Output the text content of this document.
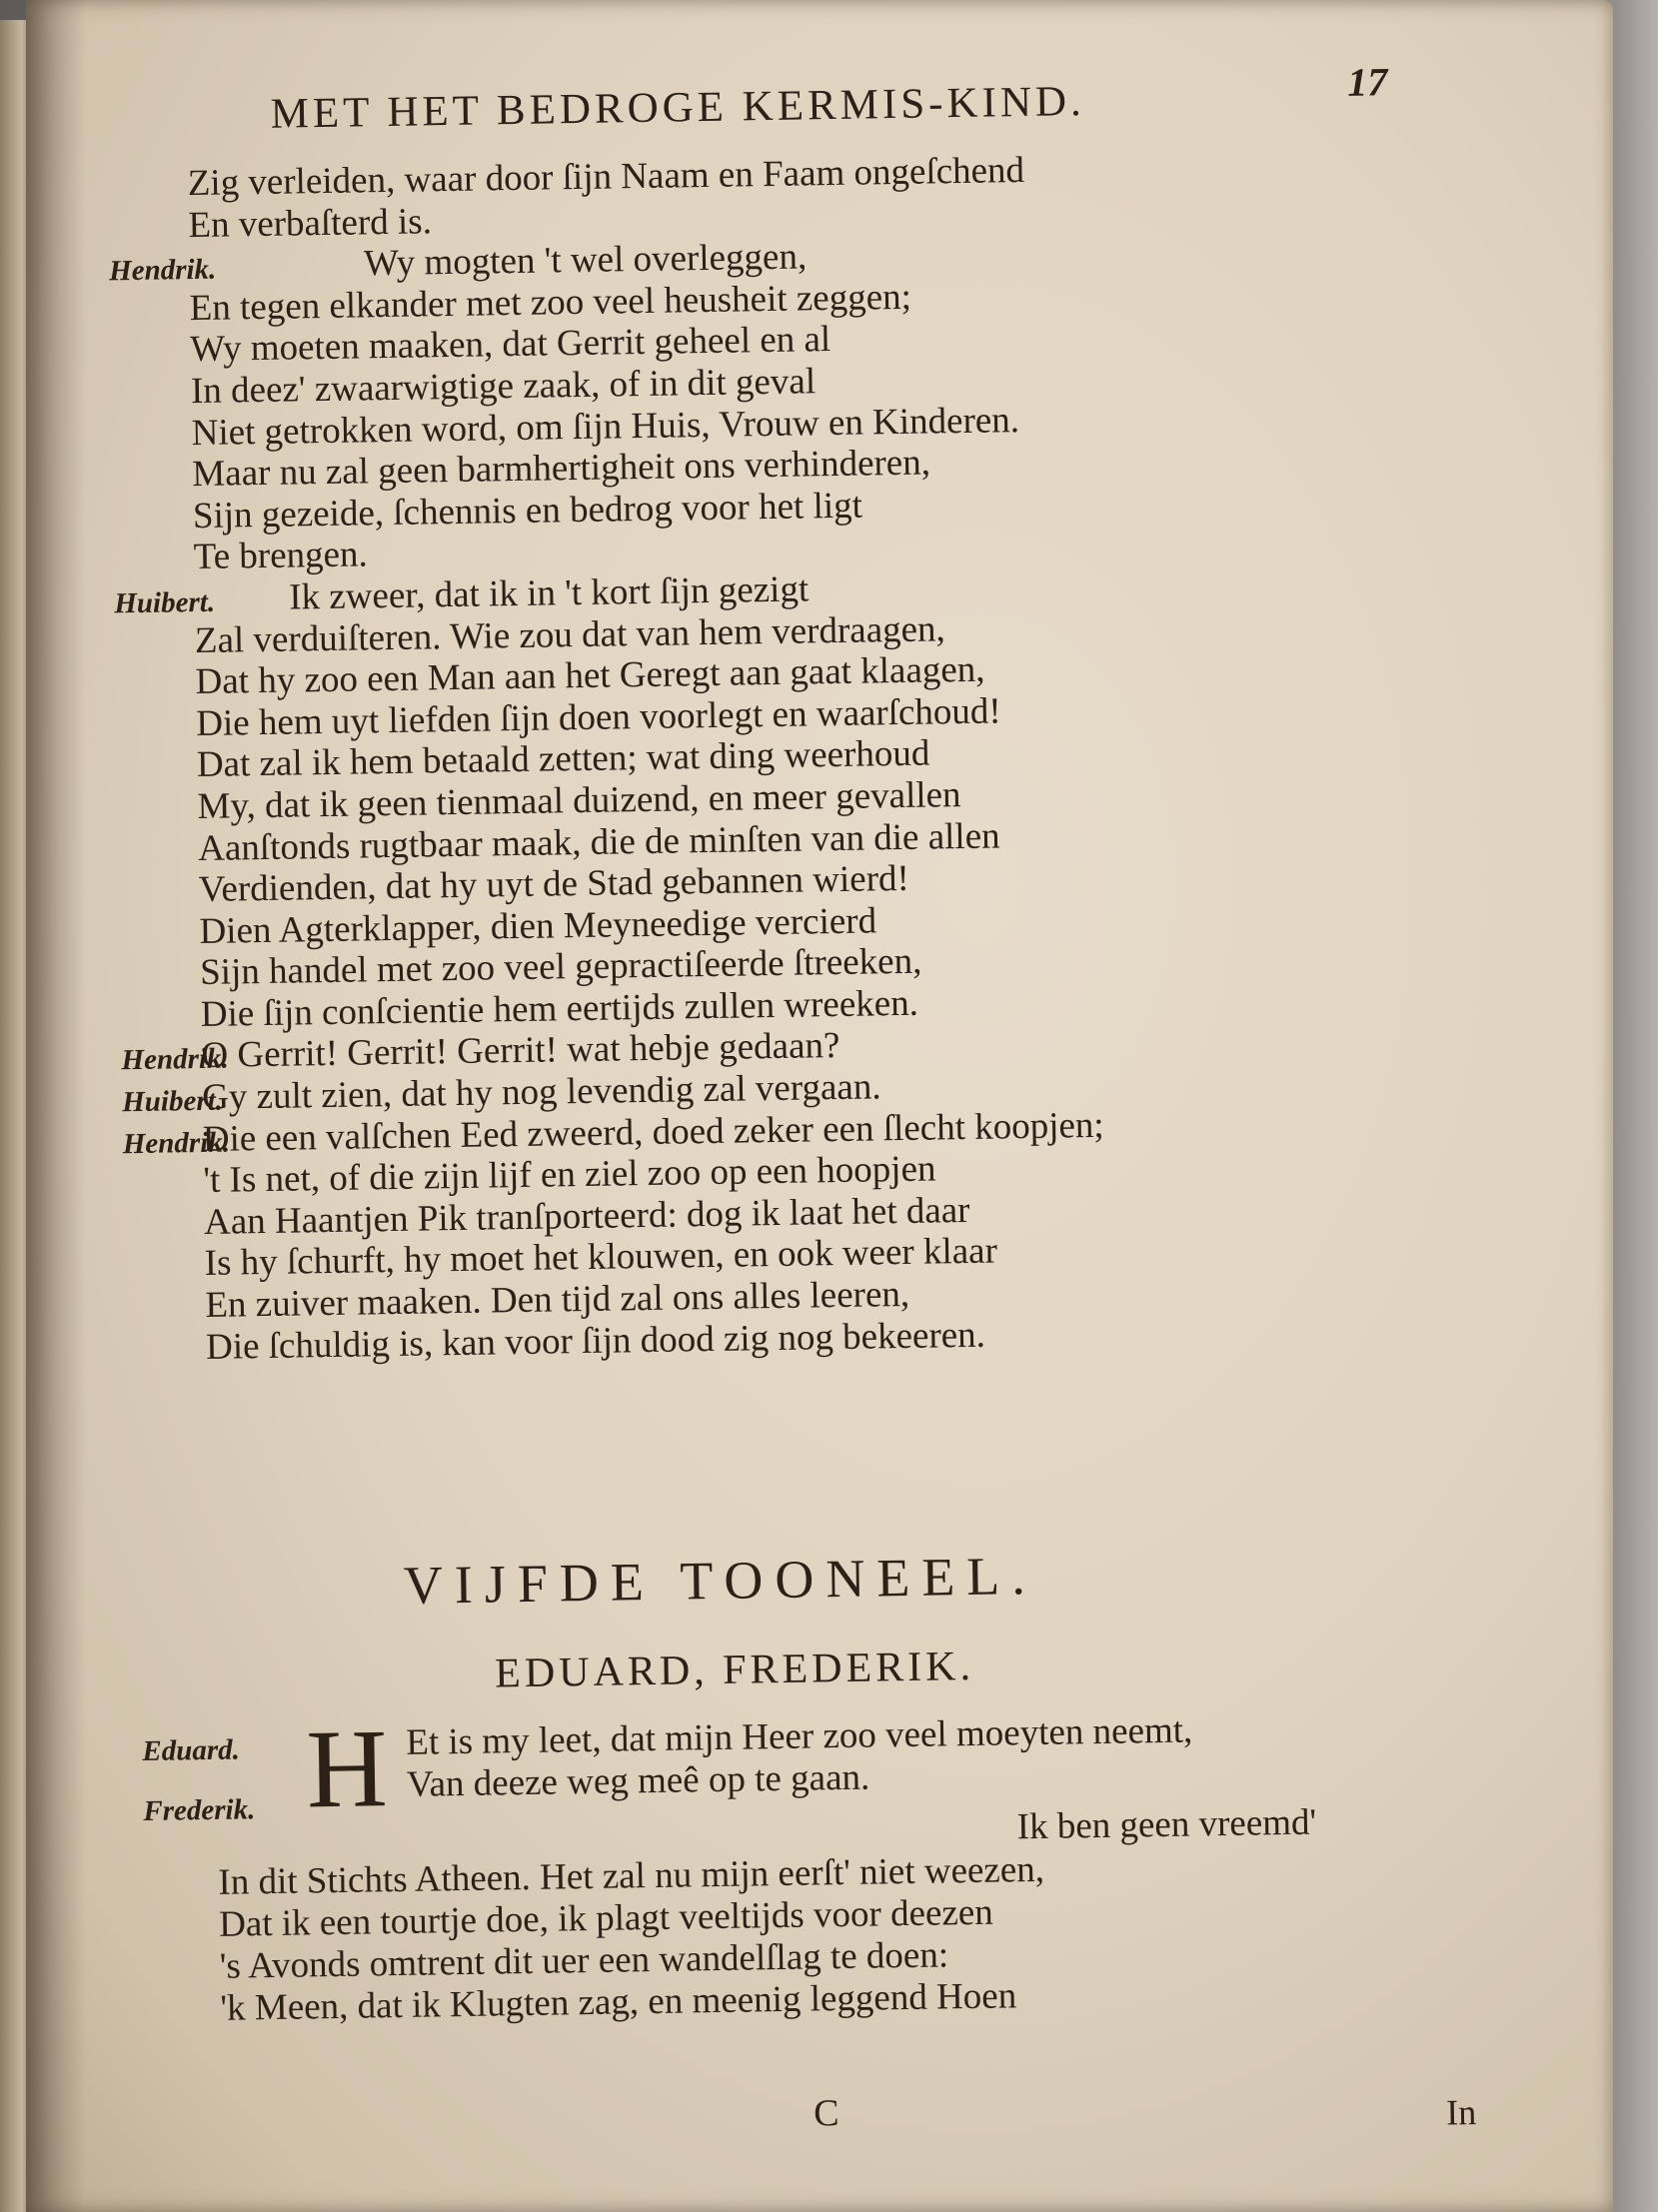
MET HET BEDROGE KERMIS-KIND.	17
Zig verleiden, waar door ſijn Naam en Faam ongeſchend
En verbaſterd is.
Hendrik.	Wy mogten 't wel overleggen,
En tegen elkander met zoo veel heusheit zeggen;
Wy moeten maaken, dat Gerrit geheel en al
In deez' zwaarwigtige zaak, of in dit geval
Niet getrokken word, om ſijn Huis, Vrouw en Kinderen.
Maar nu zal geen barmhertigheit ons verhinderen,
Sijn gezeide, ſchennis en bedrog voor het ligt
Te brengen.
Huibert. Ik zweer, dat ik in 't kort ſijn gezigt
Zal verduiſteren. Wie zou dat van hem verdraagen,
Dat hy zoo een Man aan het Geregt aan gaat klaagen,
Die hem uyt liefden ſijn doen voorlegt en waarſchoud!
Dat zal ik hem betaald zetten; wat ding weerhoud
My, dat ik geen tienmaal duizend, en meer gevallen
Aanſtonds rugtbaar maak, die de minſten van die allen
Verdienden, dat hy uyt de Stad gebannen wierd!
Dien Agterklapper, dien Meyneedige vercierd
Sijn handel met zoo veel gepractiſeerde ſtreeken,
Die ſijn conſcientie hem eertijds zullen wreeken.
Hendrik.
O Gerrit! Gerrit! Gerrit! wat hebje gedaan?
Huibert.
Gy zult zien, dat hy nog levendig zal vergaan.
Hendrik.
Die een valſchen Eed zweerd, doed zeker een ſlecht koopjen;
't Is net, of die zijn lijf en ziel zoo op een hoopjen
Aan Haantjen Pik tranſporteerd: dog ik laat het daar
Is hy ſchurft, hy moet het klouwen, en ook weer klaar
En zuiver maaken. Den tijd zal ons alles leeren,
Die ſchuldig is, kan voor ſijn dood zig nog bekeeren.
VIJFDE TOONEEL.
EDUARD, FREDERIK.
H
Eduard.	Et is my leet, dat mijn Heer zoo veel moeyten neemt,
Van deeze weg meê op te gaan.
Frederik.	Ik ben geen vreemd'
In dit Stichts Atheen. Het zal nu mijn eerſt' niet weezen,
Dat ik een tourtje doe, ik plagt veeltijds voor deezen
's Avonds omtrent dit uer een wandelſlag te doen:
'k Meen, dat ik Klugten zag, en meenig leggend Hoen
C	In
